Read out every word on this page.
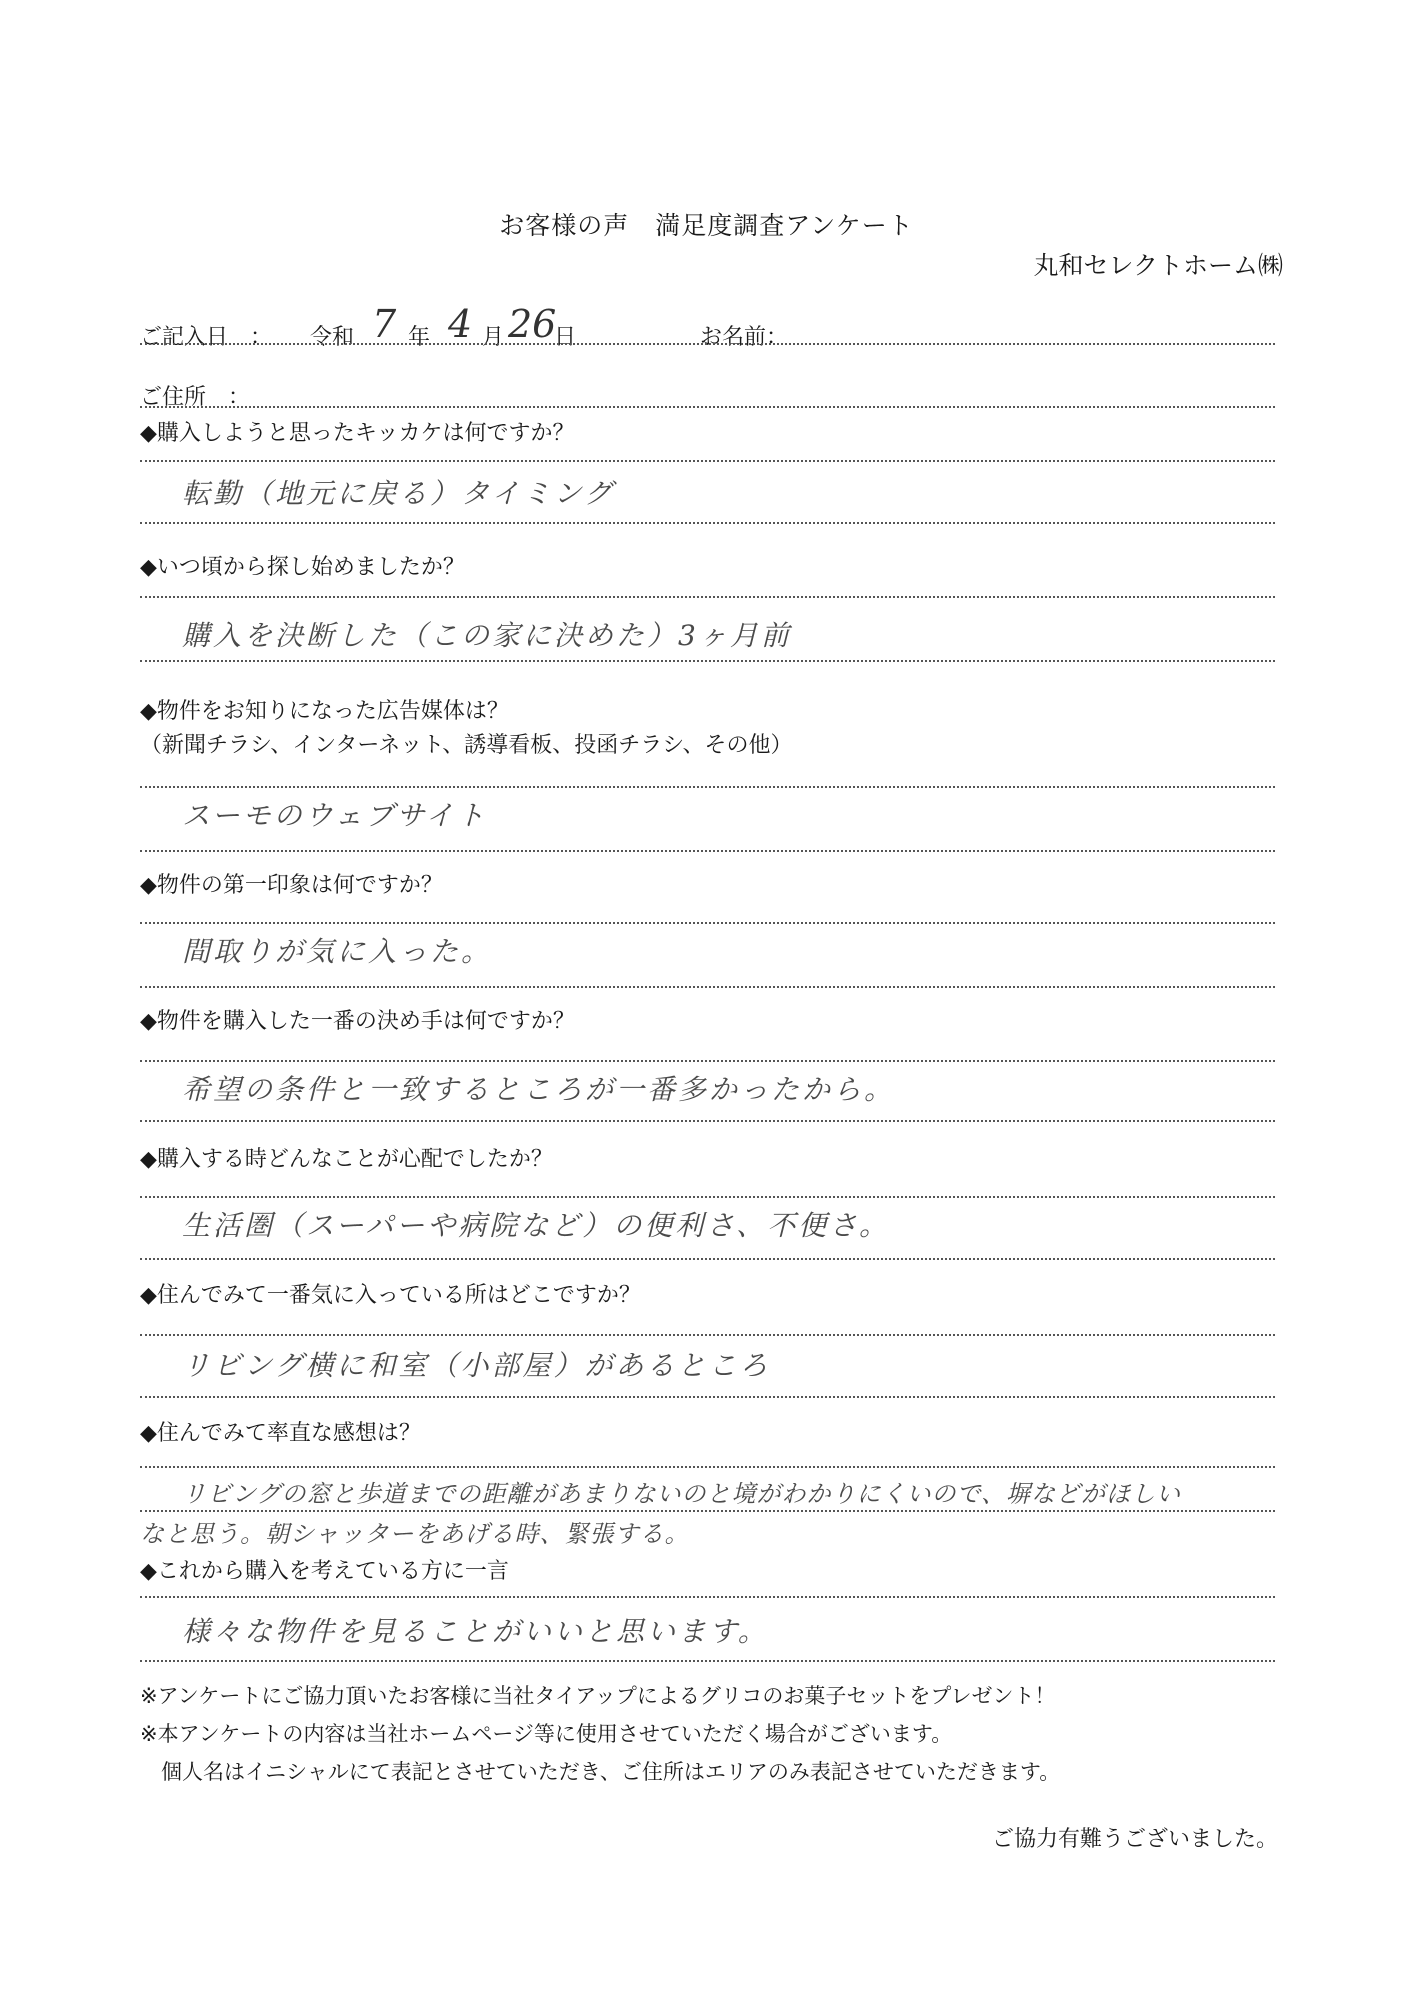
お客様の声　満足度調査アンケート
丸和セレクトホーム㈱
ご記入日　： 令和 7 年 4 月 26
日	お名前：
ご住所　：
◆購入しようと思ったキッカケは何ですか？
転勤（地元に戻る）タイミング
◆いつ頃から探し始めましたか？
購入を決断した（この家に決めた）3ヶ月前
◆物件をお知りになった広告媒体は？
（新聞チラシ、インターネット、誘導看板、投函チラシ、その他）
スーモのウェブサイト
◆物件の第一印象は何ですか？
間取りが気に入った。
◆物件を購入した一番の決め手は何ですか？
希望の条件と一致するところが一番多かったから。
◆購入する時どんなことが心配でしたか？
生活圏（スーパーや病院など）の便利さ、不便さ。
◆住んでみて一番気に入っている所はどこですか？
リビング横に和室（小部屋）があるところ
◆住んでみて率直な感想は？
リビングの窓と歩道までの距離があまりないのと境がわかりにくいので、塀などがほしい
なと思う。朝シャッターをあげる時、緊張する。
◆これから購入を考えている方に一言
様々な物件を見ることがいいと思います。
※アンケートにご協力頂いたお客様に当社タイアップによるグリコのお菓子セットをプレゼント！
※本アンケートの内容は当社ホームページ等に使用させていただく場合がございます。
　個人名はイニシャルにて表記とさせていただき、ご住所はエリアのみ表記させていただきます。
ご協力有難うございました。
